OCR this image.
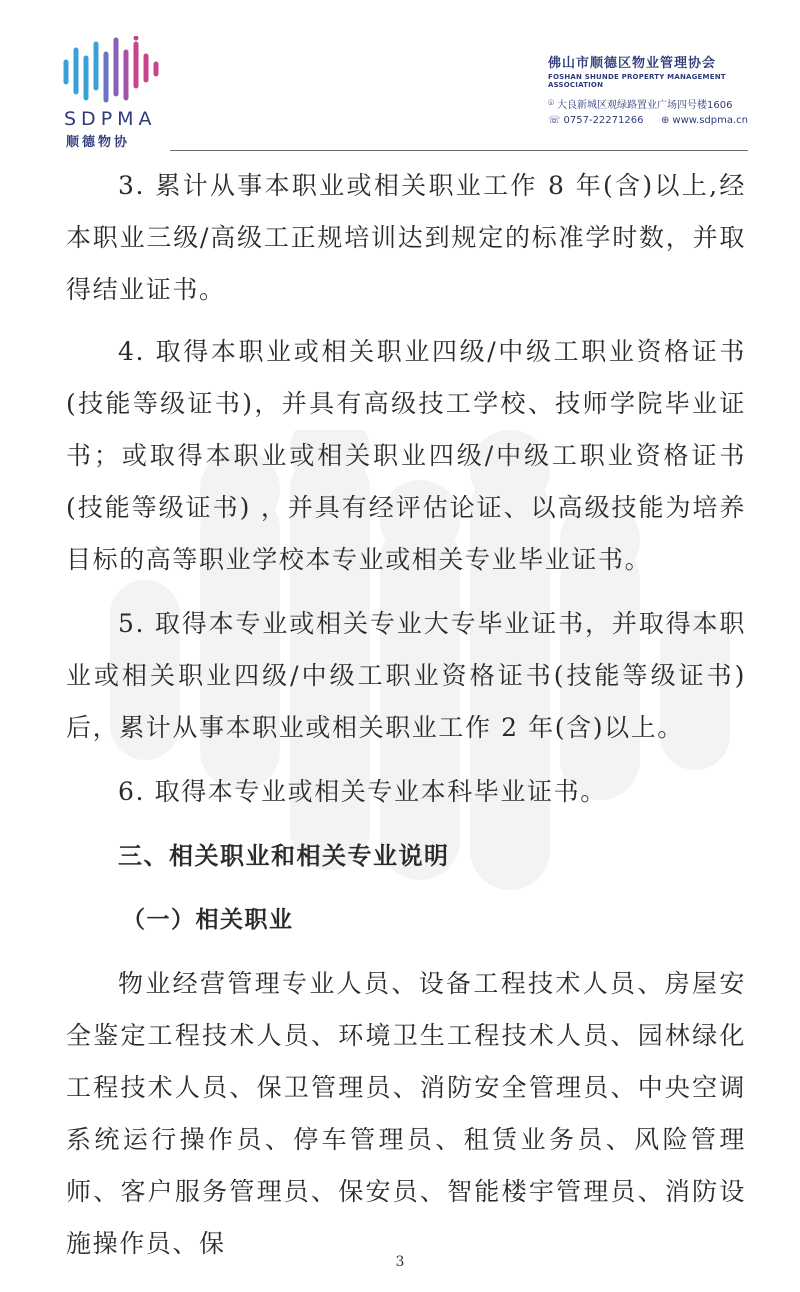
SDPMA
顺德物协
佛山市顺德区物业管理协会
FOSHAN SHUNDE PROPERTY MANAGEMENT ASSOCIATION
⌾ 大良新城区观绿路置业广场四号楼1606
☏ 0757-22271266 ⊕ www.sdpma.cn

3. 累计从事本职业或相关职业工作 8 年(含)以上,经本职业三级/高级工正规培训达到规定的标准学时数，并取得结业证书。

4. 取得本职业或相关职业四级/中级工职业资格证书(技能等级证书)，并具有高级技工学校、技师学院毕业证书；或取得本职业或相关职业四级/中级工职业资格证书(技能等级证书) ，并具有经评估论证、以高级技能为培养目标的高等职业学校本专业或相关专业毕业证书。

5. 取得本专业或相关专业大专毕业证书，并取得本职业或相关职业四级/中级工职业资格证书(技能等级证书)后，累计从事本职业或相关职业工作 2 年(含)以上。

6. 取得本专业或相关专业本科毕业证书。

三、相关职业和相关专业说明
（一）相关职业

物业经营管理专业人员、设备工程技术人员、房屋安全鉴定工程技术人员、环境卫生工程技术人员、园林绿化工程技术人员、保卫管理员、消防安全管理员、中央空调系统运行操作员、停车管理员、租赁业务员、风险管理师、客户服务管理员、保安员、智能楼宇管理员、消防设施操作员、保

3
